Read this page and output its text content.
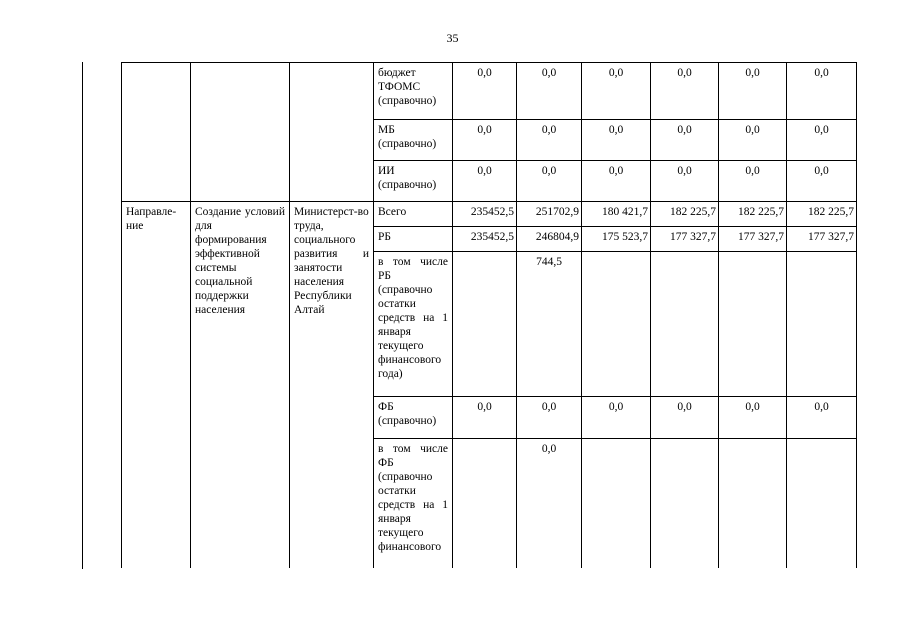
35
			бюджет ТФОМС (справочно)	0,0	0,0	0,0	0,0	0,0	0,0
			МБ (справочно)	0,0	0,0	0,0	0,0	0,0	0,0
			ИИ (справочно)	0,0	0,0	0,0	0,0	0,0	0,0
Направле-ние	Создание условий для формирования эффективной системы социальной поддержки населения	Министерст-во труда, социального развития и занятости населения Республики Алтай	Всего	235452,5	251702,9	180 421,7	182 225,7	182 225,7	182 225,7
			РБ	235452,5	246804,9	175 523,7	177 327,7	177 327,7	177 327,7
			в том числе РБ (справочно остатки средств на 1 января текущего финансового года)		744,5				
			ФБ (справочно)	0,0	0,0	0,0	0,0	0,0	0,0
			в том числе ФБ (справочно остатки средств на 1 января текущего финансового		0,0				
